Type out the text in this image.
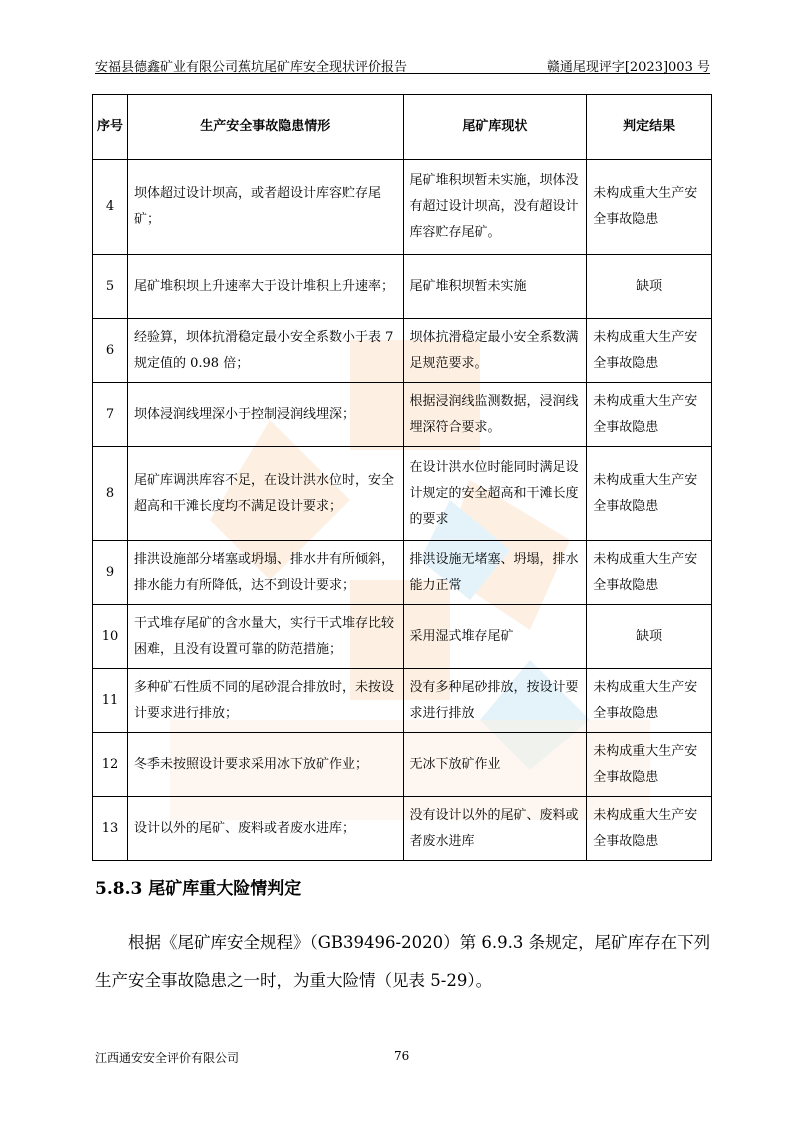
安福县德鑫矿业有限公司蕉坑尾矿库安全现状评价报告	赣通尾现评字[2023]003 号
序号	生产安全事故隐患情形	尾矿库现状	判定结果
4	坝体超过设计坝高，或者超设计库容贮存尾矿；	尾矿堆积坝暂未实施，坝体没有超过设计坝高，没有超设计库容贮存尾矿。	未构成重大生产安全事故隐患
5	尾矿堆积坝上升速率大于设计堆积上升速率；	尾矿堆积坝暂未实施	缺项
6	经验算，坝体抗滑稳定最小安全系数小于表 7 规定值的 0.98 倍；	坝体抗滑稳定最小安全系数满足规范要求。	未构成重大生产安全事故隐患
7	坝体浸润线埋深小于控制浸润线埋深；	根据浸润线监测数据，浸润线埋深符合要求。	未构成重大生产安全事故隐患
8	尾矿库调洪库容不足，在设计洪水位时，安全超高和干滩长度均不满足设计要求；	在设计洪水位时能同时满足设计规定的安全超高和干滩长度的要求	未构成重大生产安全事故隐患
9	排洪设施部分堵塞或坍塌、排水井有所倾斜，排水能力有所降低，达不到设计要求；	排洪设施无堵塞、坍塌，排水能力正常	未构成重大生产安全事故隐患
10	干式堆存尾矿的含水量大，实行干式堆存比较困难，且没有设置可靠的防范措施；	采用湿式堆存尾矿	缺项
11	多种矿石性质不同的尾砂混合排放时，未按设计要求进行排放；	没有多种尾砂排放，按设计要求进行排放	未构成重大生产安全事故隐患
12	冬季未按照设计要求采用冰下放矿作业；	无冰下放矿作业	未构成重大生产安全事故隐患
13	设计以外的尾矿、废料或者废水进库；	没有设计以外的尾矿、废料或者废水进库	未构成重大生产安全事故隐患
5.8.3 尾矿库重大险情判定
根据《尾矿库安全规程》（GB39496-2020）第 6.9.3 条规定，尾矿库存在下列生产安全事故隐患之一时，为重大险情（见表 5-29）。
江西通安安全评价有限公司	76
